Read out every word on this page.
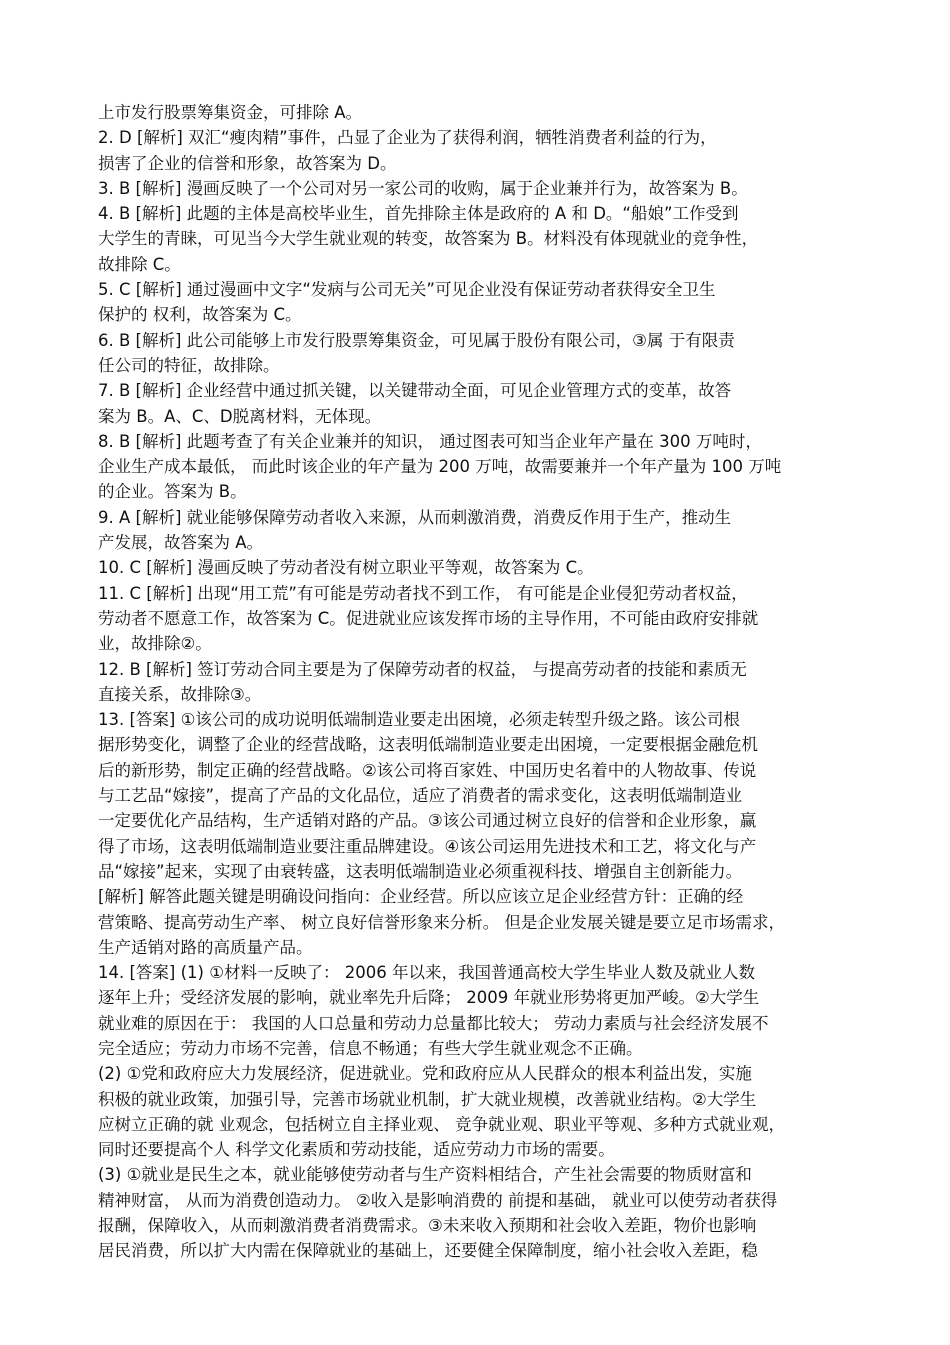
上市发行股票筹集资金，可排除 A。
2. D [解析] 双汇“瘦肉精”事件，凸显了企业为了获得利润，牺牲消费者利益的行为，
损害了企业的信誉和形象，故答案为 D。
3. B [解析] 漫画反映了一个公司对另一家公司的收购，属于企业兼并行为，故答案为 B。
4. B [解析] 此题的主体是高校毕业生，首先排除主体是政府的 A 和 D。“船娘”工作受到
大学生的青睐，可见当今大学生就业观的转变，故答案为 B。材料没有体现就业的竞争性，
故排除 C。
5. C [解析] 通过漫画中文字“发病与公司无关”可见企业没有保证劳动者获得安全卫生
保护的 权利，故答案为 C。
6. B [解析] 此公司能够上市发行股票筹集资金，可见属于股份有限公司，③属 于有限责
任公司的特征，故排除。
7. B [解析] 企业经营中通过抓关键，以关键带动全面，可见企业管理方式的变革，故答
案为 B。A、C、D脱离材料，无体现。
8. B [解析] 此题考查了有关企业兼并的知识， 通过图表可知当企业年产量在 300 万吨时，
企业生产成本最低， 而此时该企业的年产量为 200 万吨，故需要兼并一个年产量为 100 万吨
的企业。答案为 B。
9. A [解析] 就业能够保障劳动者收入来源，从而刺激消费，消费反作用于生产，推动生
产发展，故答案为 A。
10. C [解析] 漫画反映了劳动者没有树立职业平等观，故答案为 C。
11. C [解析] 出现“用工荒”有可能是劳动者找不到工作， 有可能是企业侵犯劳动者权益，
劳动者不愿意工作，故答案为 C。促进就业应该发挥市场的主导作用，不可能由政府安排就
业，故排除②。
12. B [解析] 签订劳动合同主要是为了保障劳动者的权益， 与提高劳动者的技能和素质无
直接关系，故排除③。
13. [答案] ①该公司的成功说明低端制造业要走出困境，必须走转型升级之路。该公司根
据形势变化，调整了企业的经营战略，这表明低端制造业要走出困境，一定要根据金融危机
后的新形势，制定正确的经营战略。②该公司将百家姓、中国历史名着中的人物故事、传说
与工艺品“嫁接”，提高了产品的文化品位，适应了消费者的需求变化，这表明低端制造业
一定要优化产品结构，生产适销对路的产品。③该公司通过树立良好的信誉和企业形象，赢
得了市场，这表明低端制造业要注重品牌建设。④该公司运用先进技术和工艺，将文化与产
品“嫁接”起来，实现了由衰转盛，这表明低端制造业必须重视科技、增强自主创新能力。
[解析] 解答此题关键是明确设问指向：企业经营。所以应该立足企业经营方针：正确的经
营策略、提高劳动生产率、 树立良好信誉形象来分析。 但是企业发展关键是要立足市场需求，
生产适销对路的高质量产品。
14. [答案] (1) ①材料一反映了： 2006 年以来，我国普通高校大学生毕业人数及就业人数
逐年上升；受经济发展的影响，就业率先升后降； 2009 年就业形势将更加严峻。②大学生
就业难的原因在于： 我国的人口总量和劳动力总量都比较大； 劳动力素质与社会经济发展不
完全适应；劳动力市场不完善，信息不畅通；有些大学生就业观念不正确。
(2) ①党和政府应大力发展经济，促进就业。党和政府应从人民群众的根本利益出发，实施
积极的就业政策，加强引导，完善市场就业机制，扩大就业规模，改善就业结构。②大学生
应树立正确的就 业观念，包括树立自主择业观、 竞争就业观、职业平等观、多种方式就业观，
同时还要提高个人 科学文化素质和劳动技能，适应劳动力市场的需要。
(3) ①就业是民生之本，就业能够使劳动者与生产资料相结合，产生社会需要的物质财富和
精神财富， 从而为消费创造动力。 ②收入是影响消费的 前提和基础， 就业可以使劳动者获得
报酬，保障收入，从而刺激消费者消费需求。③未来收入预期和社会收入差距，物价也影响
居民消费，所以扩大内需在保障就业的基础上，还要健全保障制度，缩小社会收入差距，稳
